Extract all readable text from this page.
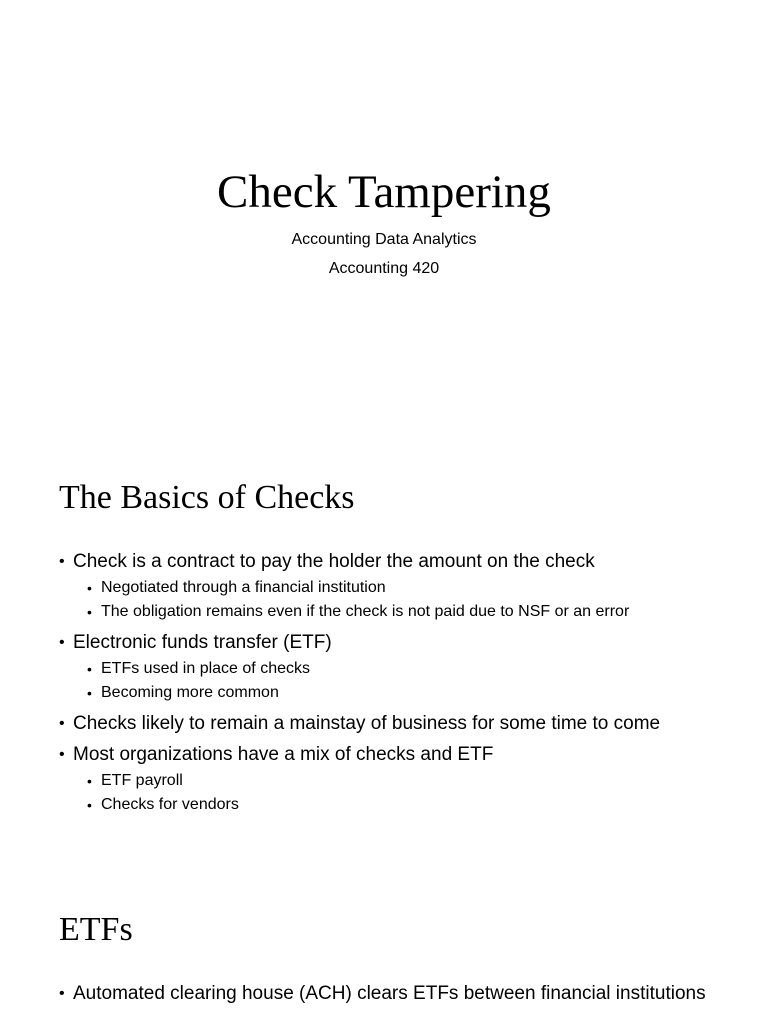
Check Tampering

Accounting Data Analytics

Accounting 420

The Basics of Checks
• Check is a contract to pay the holder the amount on the check
• Negotiated through a financial institution
• The obligation remains even if the check is not paid due to NSF or an error
• Electronic funds transfer (ETF)
• ETFs used in place of checks
• Becoming more common
• Checks likely to remain a mainstay of business for some time to come
• Most organizations have a mix of checks and ETF
• ETF payroll
• Checks for vendors
ETFs
• Automated clearing house (ACH) clears ETFs between financial institutions
